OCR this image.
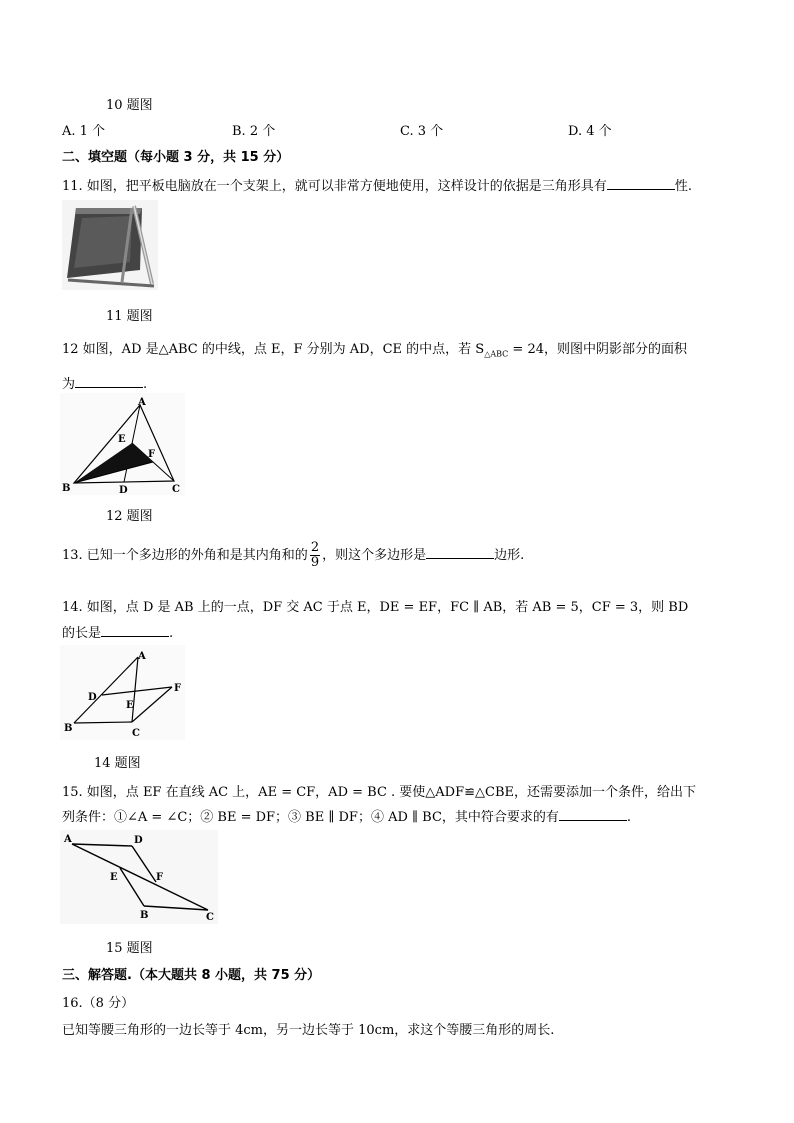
10 题图
A. 1 个	B. 2 个	C. 3 个	D. 4 个
二、填空题（每小题 3 分，共 15 分）
11. 如图，把平板电脑放在一个支架上，就可以非常方便地使用，这样设计的依据是三角形具有	性.
11 题图
12 如图，AD 是△ABC 的中线，点 E，F 分别为 AD，CE 的中点，若 $S_{\triangle ABC} = 24$，则图中阴影部分的面积
为	.
A
B	C
D
E
F
12 题图
13. 已知一个多边形的外角和是其内角和的 $\frac{2}{9}$ ，则这个多边形是	边形.
14. 如图，点 D 是 AB 上的一点，DF 交 AC 于点 E，DE = EF，FC ∥ AB，若 AB = 5，CF = 3，则 BD
的长是	.
A
B	C
D
E
F
14 题图
15. 如图，点 EF 在直线 AC 上，AE = CF，AD = BC . 要使△ADF≌△CBE，还需要添加一个条件，给出下
列条件：①∠A = ∠C；② BE = DF；③ BE ∥ DF；④ AD ∥ BC，其中符合要求的有	.
A	D
E	F
B	C
15 题图
三、解答题.（本大题共 8 小题，共 75 分）
16.（8 分）
已知等腰三角形的一边长等于 4cm，另一边长等于 10cm，求这个等腰三角形的周长.
